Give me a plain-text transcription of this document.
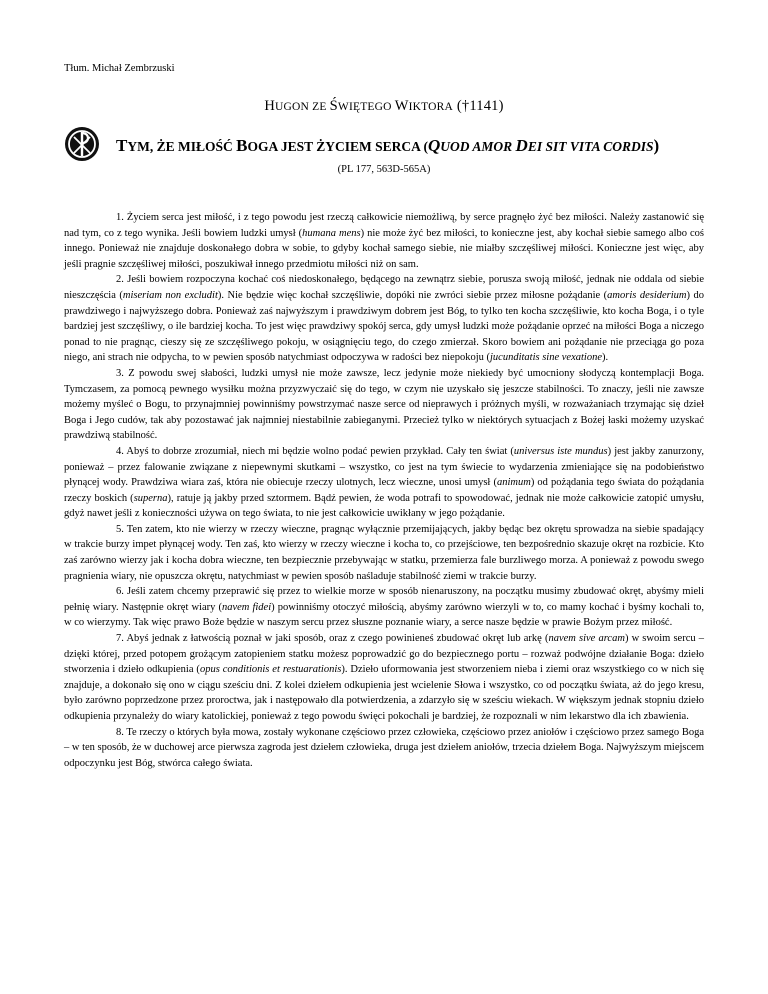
Tłum. Michał Zembrzuski
HUGON ZE ŚWIĘTEGO WIKTORA (†1141)
TYM, ŻE MIŁOŚĆ BOGA JEST ŻYCIEM SERCA (QUOD AMOR DEI SIT VITA CORDIS)
(PL 177, 563D-565A)

1. Życiem serca jest miłość, i z tego powodu jest rzeczą całkowicie niemożliwą, by serce pragnęło żyć bez miłości. Należy zastanowić się nad tym, co z tego wynika. Jeśli bowiem ludzki umysł (humana mens) nie może żyć bez miłości, to konieczne jest, aby kochał siebie samego albo coś innego. Ponieważ nie znajduje doskonałego dobra w sobie, to gdyby kochał samego siebie, nie miałby szczęśliwej miłości. Konieczne jest więc, aby jeśli pragnie szczęśliwej miłości, poszukiwał innego przedmiotu miłości niż on sam.

2. Jeśli bowiem rozpoczyna kochać coś niedoskonałego, będącego na zewnątrz siebie, porusza swoją miłość, jednak nie oddala od siebie nieszczęścia (miseriam non excludit). Nie będzie więc kochał szczęśliwie, dopóki nie zwróci siebie przez miłosne pożądanie (amoris desiderium) do prawdziwego i najwyższego dobra. Ponieważ zaś najwyższym i prawdziwym dobrem jest Bóg, to tylko ten kocha szczęśliwie, kto kocha Boga, i o tyle bardziej jest szczęśliwy, o ile bardziej kocha. To jest więc prawdziwy spokój serca, gdy umysł ludzki może pożądanie oprzeć na miłości Boga a niczego ponad to nie pragnąc, cieszy się ze szczęśliwego pokoju, w osiągnięciu tego, do czego zmierzał. Skoro bowiem ani pożądanie nie przeciąga go poza niego, ani strach nie odpycha, to w pewien sposób natychmiast odpoczywa w radości bez niepokoju (jucunditatis sine vexatione).

3. Z powodu swej słabości, ludzki umysł nie może zawsze, lecz jedynie może niekiedy być umocniony słodyczą kontemplacji Boga. Tymczasem, za pomocą pewnego wysiłku można przyzwyczaić się do tego, w czym nie uzyskało się jeszcze stabilności. To znaczy, jeśli nie zawsze możemy myśleć o Bogu, to przynajmniej powinniśmy powstrzymać nasze serce od nieprawych i próżnych myśli, w rozważaniach trzymając się dzieł Boga i Jego cudów, tak aby pozostawać jak najmniej niestabilnie zabieganymi. Przecież tylko w niektórych sytuacjach z Bożej łaski możemy uzyskać prawdziwą stabilność.

4. Abyś to dobrze zrozumiał, niech mi będzie wolno podać pewien przykład. Cały ten świat (universus iste mundus) jest jakby zanurzony, ponieważ – przez falowanie związane z niepewnymi skutkami – wszystko, co jest na tym świecie to wydarzenia zmieniające się na podobieństwo płynącej wody. Prawdziwa wiara zaś, która nie obiecuje rzeczy ulotnych, lecz wieczne, unosi umysł (animum) od pożądania tego świata do pożądania rzeczy boskich (superna), ratuje ją jakby przed sztormem. Bądź pewien, że woda potrafi to spowodować, jednak nie może całkowicie zatopić umysłu, gdyż nawet jeśli z konieczności używa on tego świata, to nie jest całkowicie uwikłany w jego pożądanie.

5. Ten zatem, kto nie wierzy w rzeczy wieczne, pragnąc wyłącznie przemijających, jakby będąc bez okrętu sprowadza na siebie spadający w trakcie burzy impet płynącej wody. Ten zaś, kto wierzy w rzeczy wieczne i kocha to, co przejściowe, ten bezpośrednio skazuje okręt na rozbicie. Kto zaś zarówno wierzy jak i kocha dobra wieczne, ten bezpiecznie przebywając w statku, przemierza fale burzliwego morza. A ponieważ z powodu swego pragnienia wiary, nie opuszcza okrętu, natychmiast w pewien sposób naśladuje stabilność ziemi w trakcie burzy.

6. Jeśli zatem chcemy przeprawić się przez to wielkie morze w sposób nienaruszony, na początku musimy zbudować okręt, abyśmy mieli pełnię wiary. Następnie okręt wiary (navem fidei) powinniśmy otoczyć miłością, abyśmy zarówno wierzyli w to, co mamy kochać i byśmy kochali to, w co wierzymy. Tak więc prawo Boże będzie w naszym sercu przez słuszne poznanie wiary, a serce nasze będzie w prawie Bożym przez miłość.

7. Abyś jednak z łatwością poznał w jaki sposób, oraz z czego powinieneś zbudować okręt lub arkę (navem sive arcam) w swoim sercu – dzięki której, przed potopem grożącym zatopieniem statku możesz poprowadzić go do bezpiecznego portu – rozważ podwójne działanie Boga: dzieło stworzenia i dzieło odkupienia (opus conditionis et restuarationis). Dzieło uformowania jest stworzeniem nieba i ziemi oraz wszystkiego co w nich się znajduje, a dokonało się ono w ciągu sześciu dni. Z kolei dziełem odkupienia jest wcielenie Słowa i wszystko, co od początku świata, aż do jego kresu, było zarówno poprzedzone przez proroctwa, jak i następowało dla potwierdzenia, a zdarzyło się w sześciu wiekach. W większym jednak stopniu dzieło odkupienia przynależy do wiary katolickiej, ponieważ z tego powodu święci pokochali je bardziej, że rozpoznali w nim lekarstwo dla ich zbawienia.

8. Te rzeczy o których była mowa, zostały wykonane częściowo przez człowieka, częściowo przez aniołów i częściowo przez samego Boga – w ten sposób, że w duchowej arce pierwsza zagroda jest dziełem człowieka, druga jest dziełem aniołów, trzecia dziełem Boga. Najwyższym miejscem odpoczynku jest Bóg, stwórca całego świata.
